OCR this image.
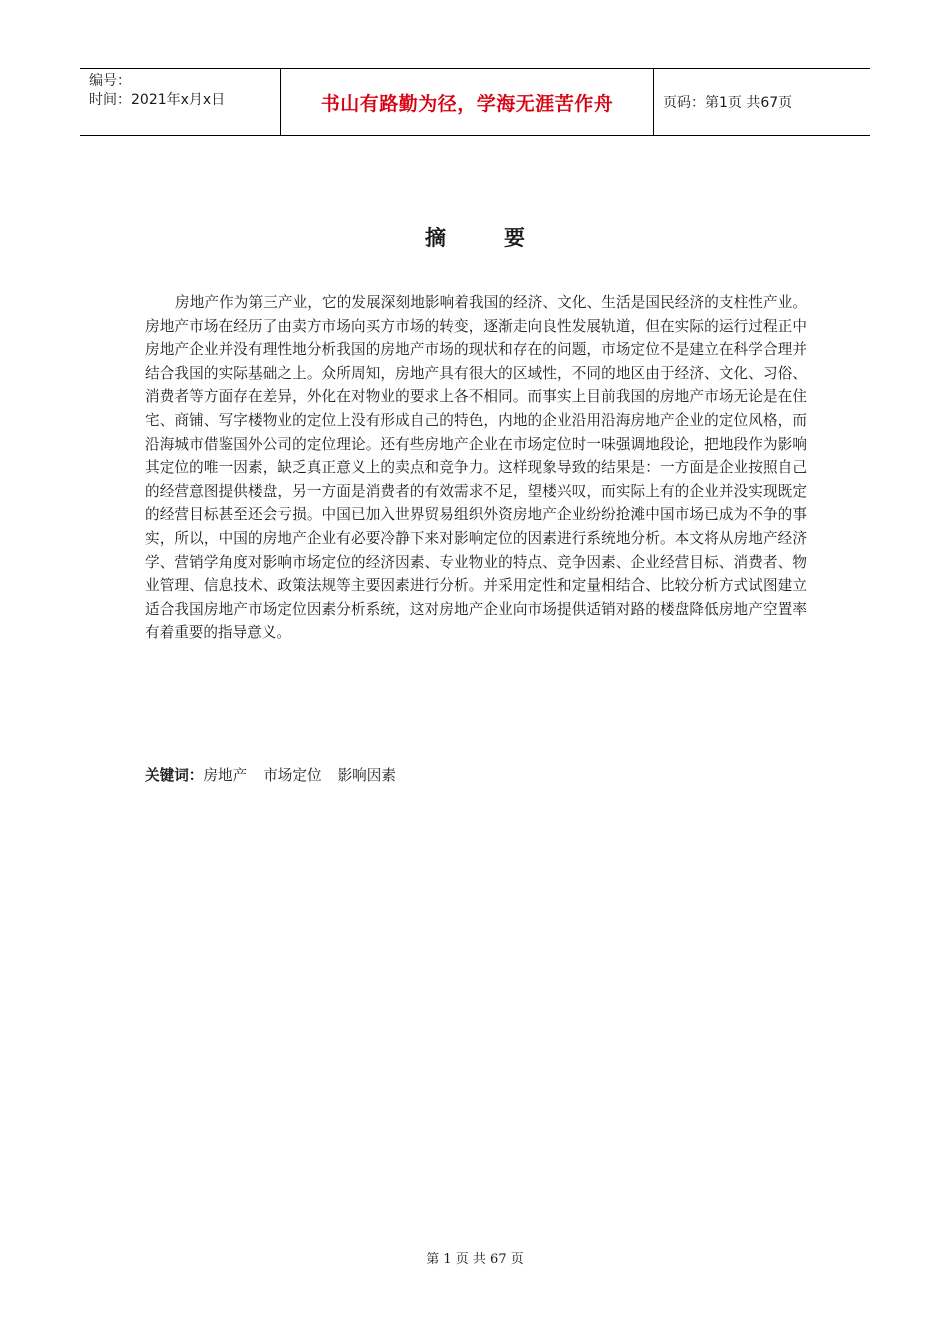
编号：
时间：2021年x月x日	书山有路勤为径，学海无涯苦作舟	页码：第1页 共67页
摘要

房地产作为第三产业，它的发展深刻地影响着我国的经济、文化、生活是国民经济的支柱性产业。房地产市场在经历了由卖方市场向买方市场的转变，逐渐走向良性发展轨道，但在实际的运行过程正中房地产企业并没有理性地分析我国的房地产市场的现状和存在的问题，市场定位不是建立在科学合理并结合我国的实际基础之上。众所周知，房地产具有很大的区域性，不同的地区由于经济、文化、习俗、消费者等方面存在差异，外化在对物业的要求上各不相同。而事实上目前我国的房地产市场无论是在住宅、商铺、写字楼物业的定位上没有形成自己的特色，内地的企业沿用沿海房地产企业的定位风格，而沿海城市借鉴国外公司的定位理论。还有些房地产企业在市场定位时一味强调地段论，把地段作为影响其定位的唯一因素，缺乏真正意义上的卖点和竞争力。这样现象导致的结果是：一方面是企业按照自己的经营意图提供楼盘，另一方面是消费者的有效需求不足，望楼兴叹，而实际上有的企业并没实现既定的经营目标甚至还会亏损。中国已加入世界贸易组织外资房地产企业纷纷抢滩中国市场已成为不争的事实，所以，中国的房地产企业有必要冷静下来对影响定位的因素进行系统地分析。本文将从房地产经济学、营销学角度对影响市场定位的经济因素、专业物业的特点、竞争因素、企业经营目标、消费者、物业管理、信息技术、政策法规等主要因素进行分析。并采用定性和定量相结合、比较分析方式试图建立适合我国房地产市场定位因素分析系统，这对房地产企业向市场提供适销对路的楼盘降低房地产空置率有着重要的指导意义。

关键词：房地产 市场定位 影响因素
第 1 页 共 67 页
